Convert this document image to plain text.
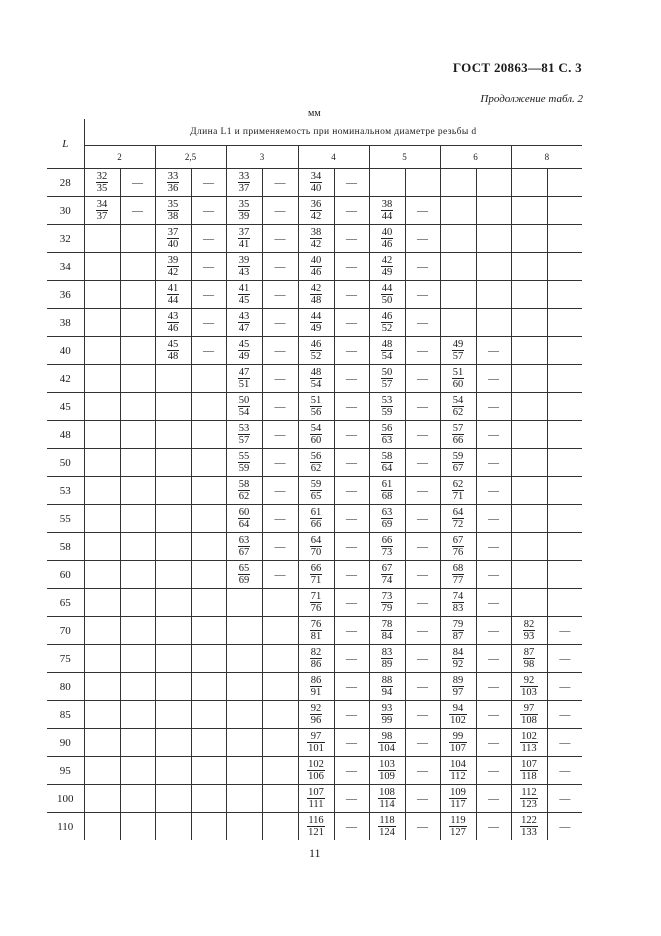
ГОСТ 20863—81 С. 3
Продолжение табл. 2
мм
L	Длина L1 и применяемость при номинальном диаметре резьбы d													
	2		2,5		3		4		5		6		8	
28	$\frac{32}{35}$	—	$\frac{33}{36}$	—	$\frac{33}{37}$	—	$\frac{34}{40}$	—						
30	$\frac{34}{37}$	—	$\frac{35}{38}$	—	$\frac{35}{39}$	—	$\frac{36}{42}$	—	$\frac{38}{44}$	—				
32			$\frac{37}{40}$	—	$\frac{37}{41}$	—	$\frac{38}{42}$	—	$\frac{40}{46}$	—				
34			$\frac{39}{42}$	—	$\frac{39}{43}$	—	$\frac{40}{46}$	—	$\frac{42}{49}$	—				
36			$\frac{41}{44}$	—	$\frac{41}{45}$	—	$\frac{42}{48}$	—	$\frac{44}{50}$	—				
38			$\frac{43}{46}$	—	$\frac{43}{47}$	—	$\frac{44}{49}$	—	$\frac{46}{52}$	—				
40			$\frac{45}{48}$	—	$\frac{45}{49}$	—	$\frac{46}{52}$	—	$\frac{48}{54}$	—	$\frac{49}{57}$	—		
42					$\frac{47}{51}$	—	$\frac{48}{54}$	—	$\frac{50}{57}$	—	$\frac{51}{60}$	—		
45					$\frac{50}{54}$	—	$\frac{51}{56}$	—	$\frac{53}{59}$	—	$\frac{54}{62}$	—		
48					$\frac{53}{57}$	—	$\frac{54}{60}$	—	$\frac{56}{63}$	—	$\frac{57}{66}$	—		
50					$\frac{55}{59}$	—	$\frac{56}{62}$	—	$\frac{58}{64}$	—	$\frac{59}{67}$	—		
53					$\frac{58}{62}$	—	$\frac{59}{65}$	—	$\frac{61}{68}$	—	$\frac{62}{71}$	—		
55					$\frac{60}{64}$	—	$\frac{61}{66}$	—	$\frac{63}{69}$	—	$\frac{64}{72}$	—		
58					$\frac{63}{67}$	—	$\frac{64}{70}$	—	$\frac{66}{73}$	—	$\frac{67}{76}$	—		
60					$\frac{65}{69}$	—	$\frac{66}{71}$	—	$\frac{67}{74}$	—	$\frac{68}{77}$	—		
65							$\frac{71}{76}$	—	$\frac{73}{79}$	—	$\frac{74}{83}$	—		
70							$\frac{76}{81}$	—	$\frac{78}{84}$	—	$\frac{79}{87}$	—	$\frac{82}{93}$	—
75							$\frac{82}{86}$	—	$\frac{83}{89}$	—	$\frac{84}{92}$	—	$\frac{87}{98}$	—
80							$\frac{86}{91}$	—	$\frac{88}{94}$	—	$\frac{89}{97}$	—	$\frac{92}{103}$	—
85							$\frac{92}{96}$	—	$\frac{93}{99}$	—	$\frac{94}{102}$	—	$\frac{97}{108}$	—
90							$\frac{97}{101}$	—	$\frac{98}{104}$	—	$\frac{99}{107}$	—	$\frac{102}{113}$	—
95							$\frac{102}{106}$	—	$\frac{103}{109}$	—	$\frac{104}{112}$	—	$\frac{107}{118}$	—
100							$\frac{107}{111}$	—	$\frac{108}{114}$	—	$\frac{109}{117}$	—	$\frac{112}{123}$	—
110							$\frac{116}{121}$	—	$\frac{118}{124}$	—	$\frac{119}{127}$	—	$\frac{122}{133}$	—
11
